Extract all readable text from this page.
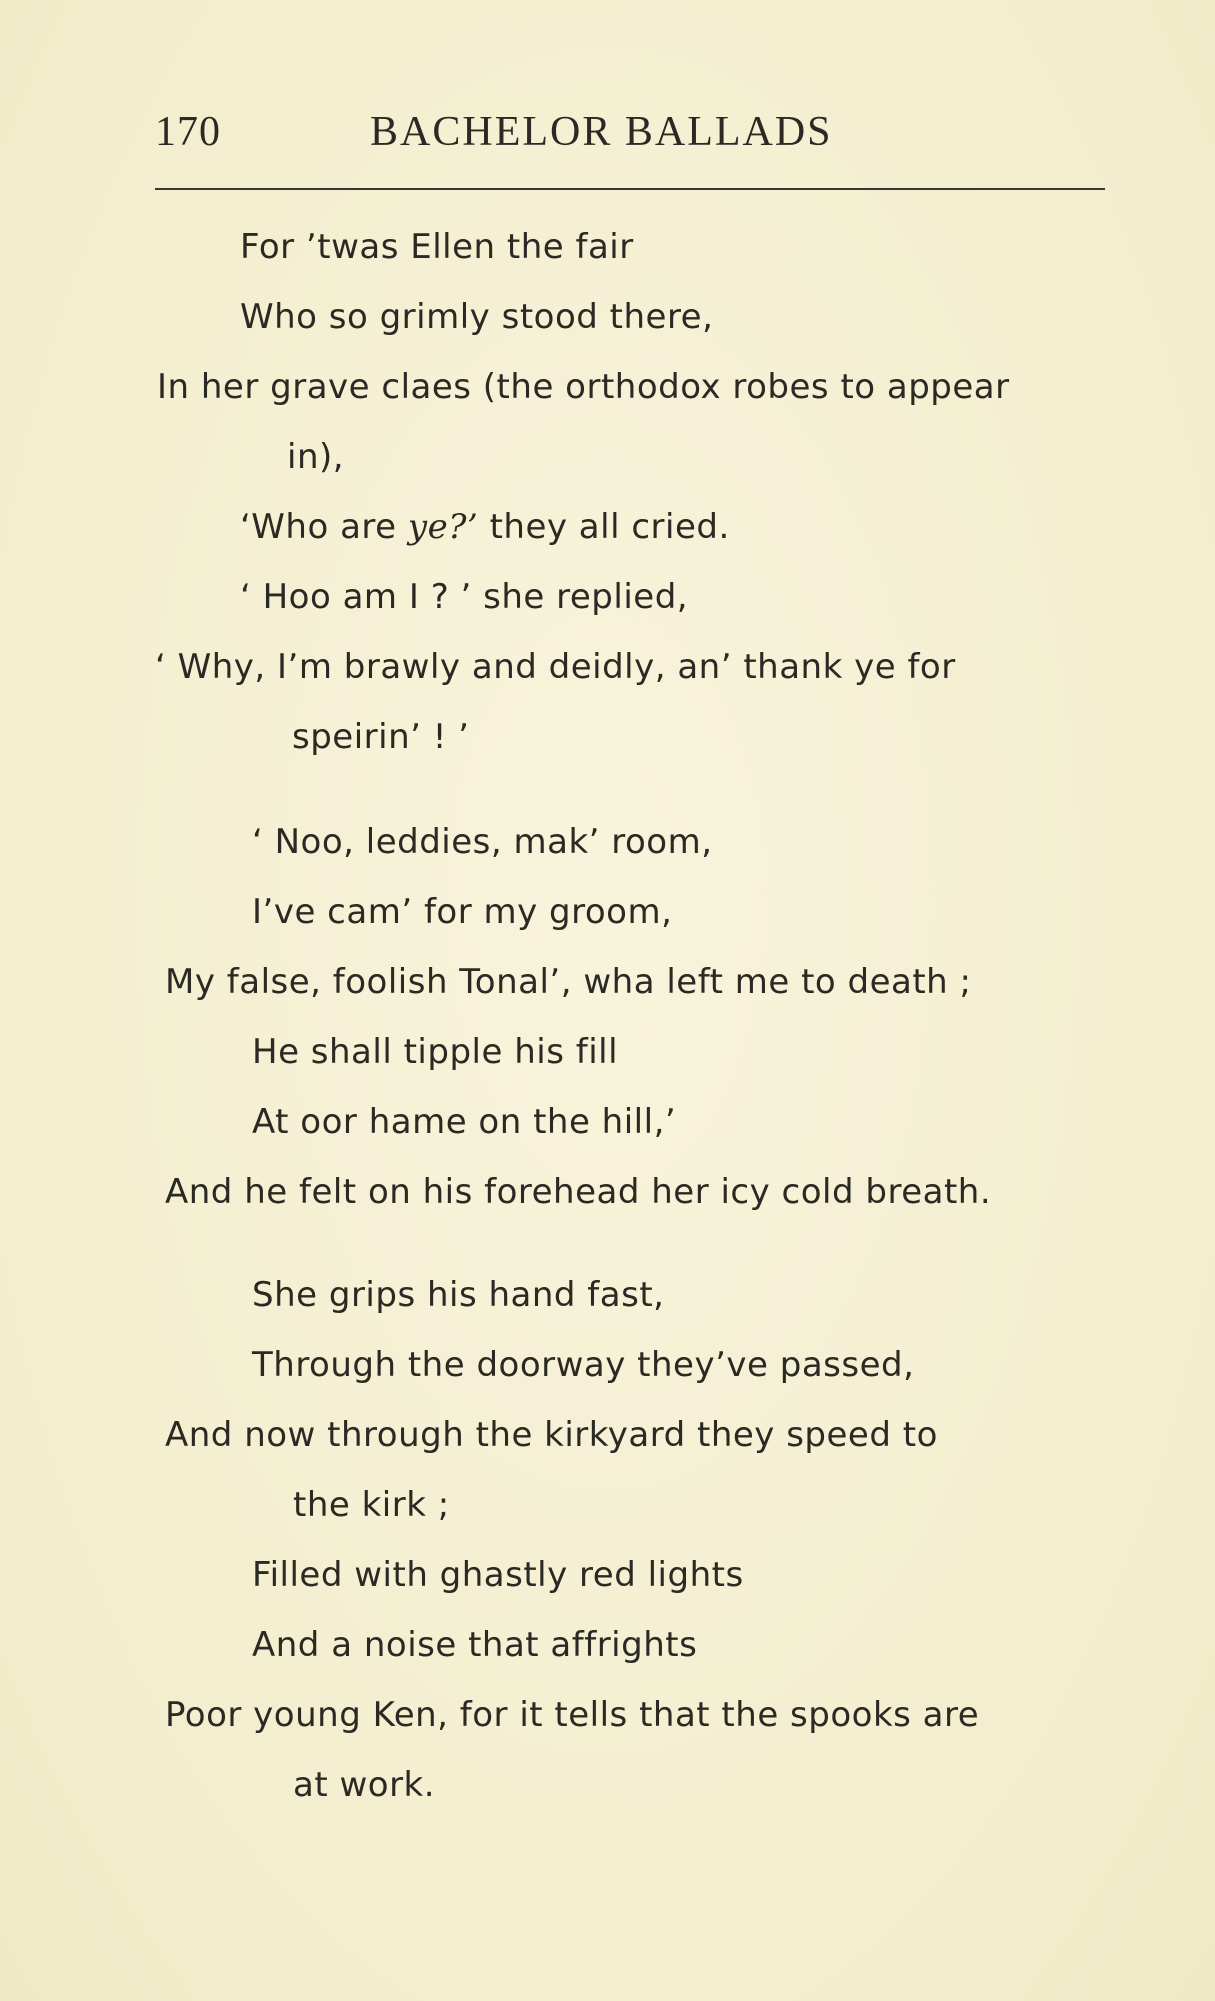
170	BACHELOR BALLADS
For ’twas Ellen the fair
Who so grimly stood there,
In her grave claes (the orthodox robes to appear
in),
‘Who are ye?’ they all cried.
‘ Hoo am I ? ’ she replied,
‘ Why, I’m brawly and deidly, an’ thank ye for
speirin’ ! ’
‘ Noo, leddies, mak’ room,
I’ve cam’ for my groom,
My false, foolish Tonal’, wha left me to death ;
He shall tipple his fill
At oor hame on the hill,’
And he felt on his forehead her icy cold breath.
She grips his hand fast,
Through the doorway they’ve passed,
And now through the kirkyard they speed to
the kirk ;
Filled with ghastly red lights
And a noise that affrights
Poor young Ken, for it tells that the spooks are
at work.
